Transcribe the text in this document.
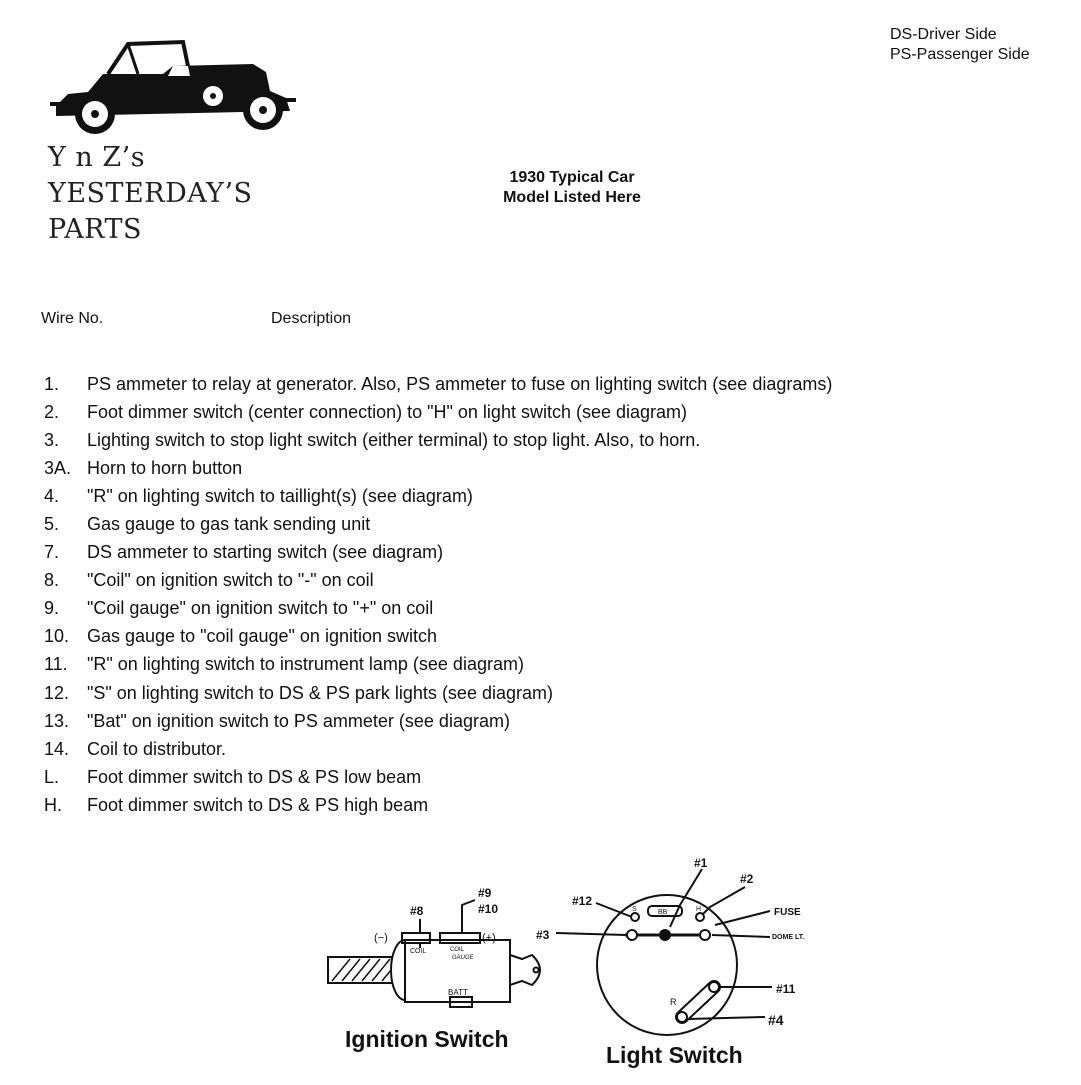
Y n Z’s
YESTERDAY’S
PARTS
DS-Driver Side
PS-Passenger Side
1930 Typical Car
Model Listed Here
Wire No.	Description
1.	PS ammeter to relay at generator. Also, PS ammeter to fuse on lighting switch (see diagrams)
2.	Foot dimmer switch (center connection) to "H" on light switch (see diagram)
3.	Lighting switch to stop light switch (either terminal) to stop light. Also, to horn.
3A. Horn to horn button
4.	"R" on lighting switch to taillight(s) (see diagram)
5.	Gas gauge to gas tank sending unit
7.	DS ammeter to starting switch (see diagram)
8.	"Coil" on ignition switch to "-" on coil
9.	"Coil gauge" on ignition switch to "+" on coil
10. Gas gauge to "coil gauge" on ignition switch
11.	"R" on lighting switch to instrument lamp (see diagram)
12. "S" on lighting switch to DS & PS park lights (see diagram)
13. "Bat" on ignition switch to PS ammeter (see diagram)
14. Coil to distributor.
L.	Foot dimmer switch to DS & PS low beam
H.	Foot dimmer switch to DS & PS high beam
#8
#9
#10
(−)	(+)
COIL	COIL
GAUGE
BATT
Ignition Switch
#1
#2
#3
#12
#11
#4
FUSE
DOME LT.
S	BB	H
R
Light Switch
